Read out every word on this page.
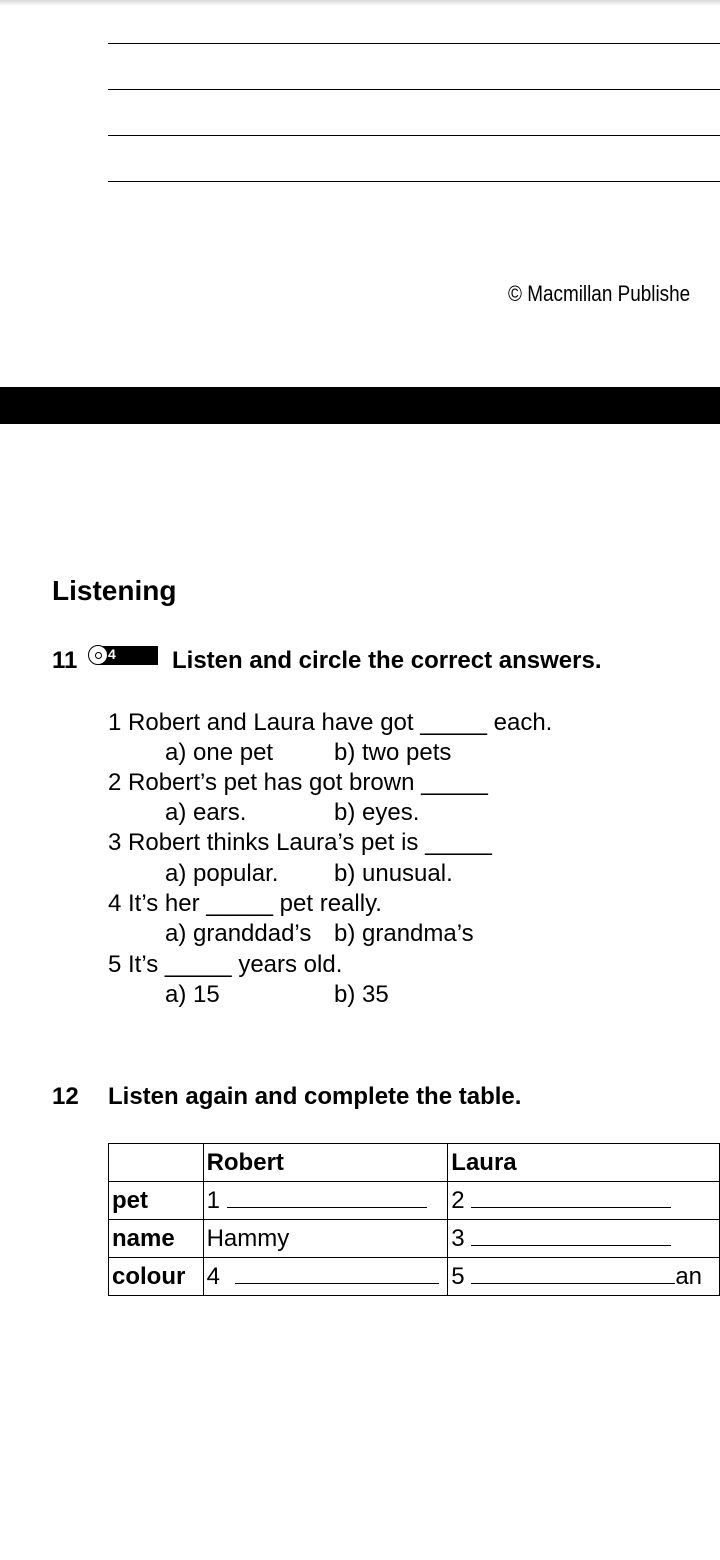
© Macmillan Publishe
Listening
11 4 Listen and circle the correct answers.
1 Robert and Laura have got _____ each.
a) one pet	b) two pets
2 Robert’s pet has got brown _____
a) ears.	b) eyes.
3 Robert thinks Laura’s pet is _____
a) popular. b) unusual.
4 It’s her _____ pet really.
a) granddad’s b) grandma’s
5 It’s _____ years old.
a) 15	b) 35
12 Listen again and complete the table.
	Robert	Laura
pet	1	2
name	Hammy	3
colour	4	5 an
